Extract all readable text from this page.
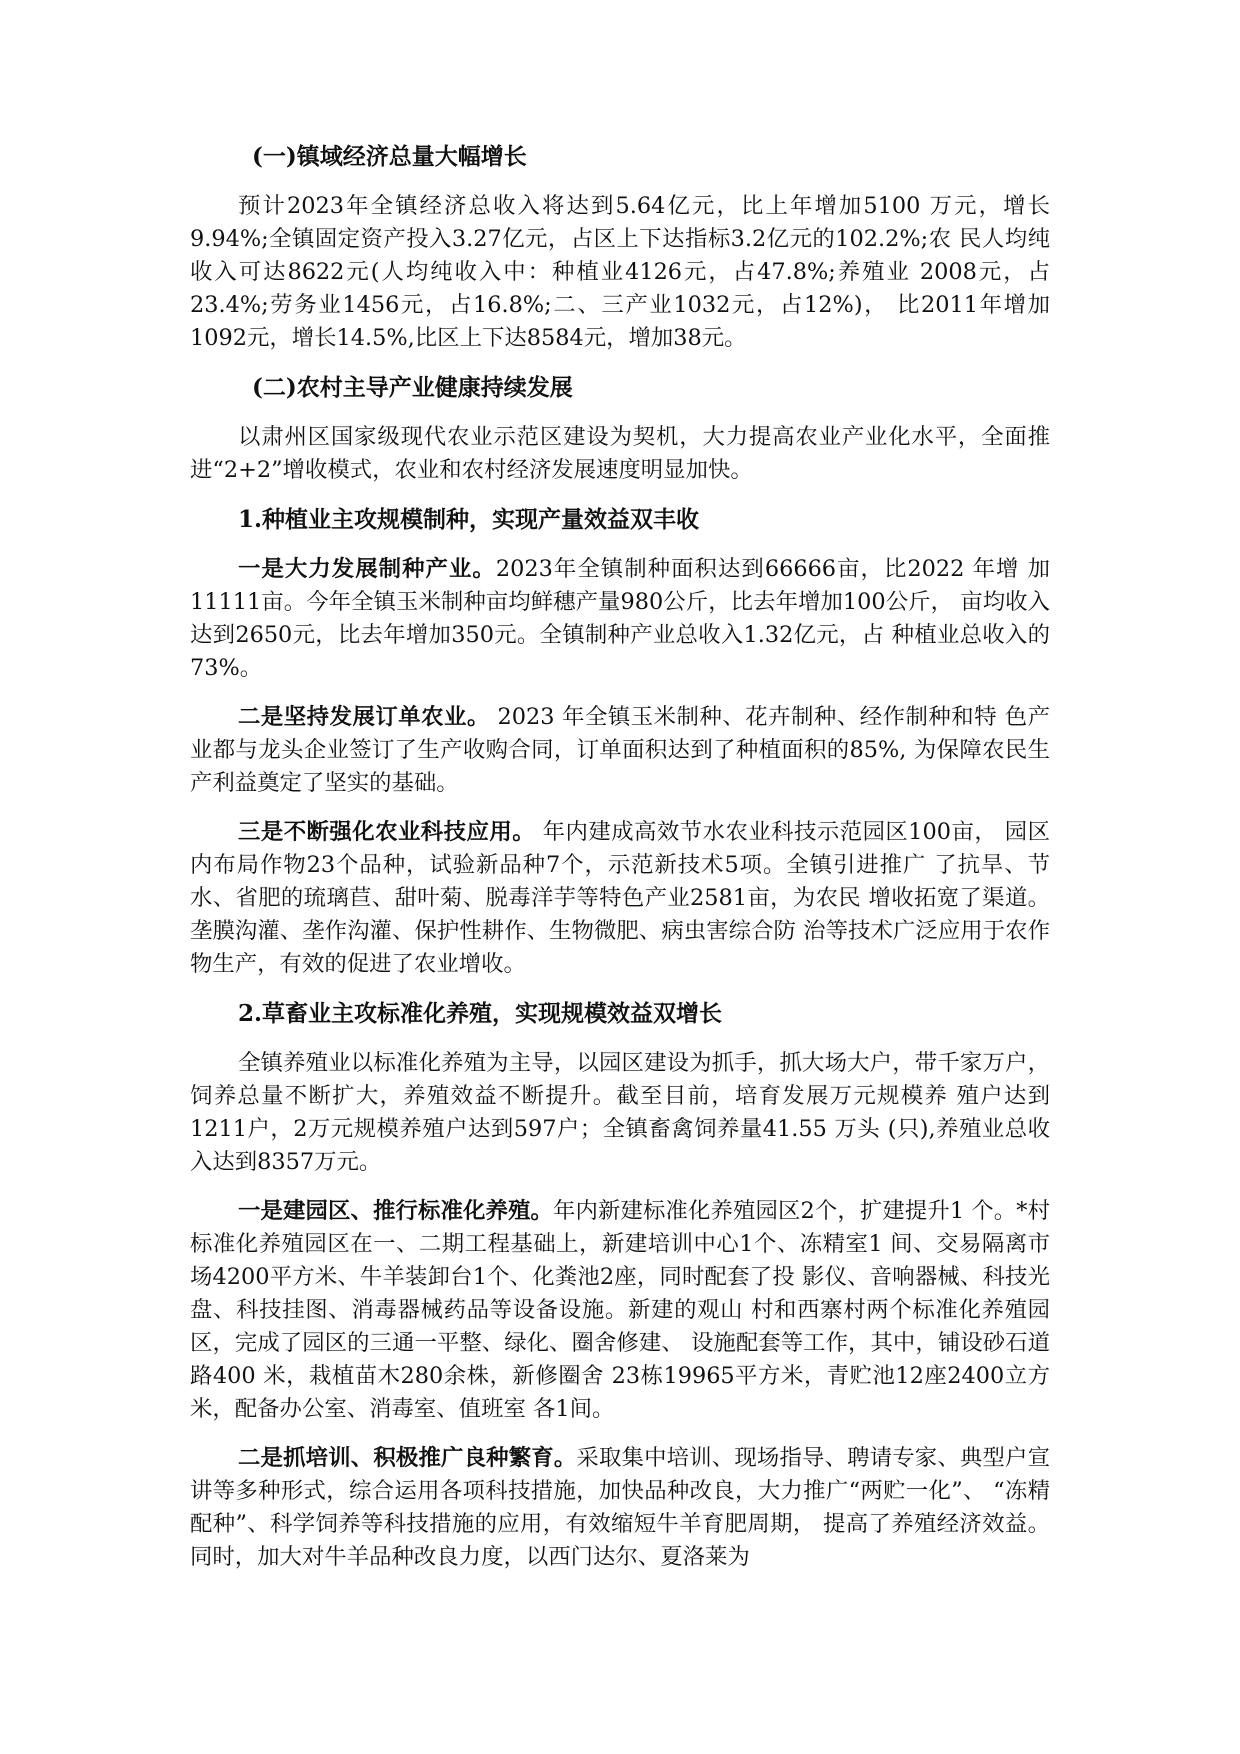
(一)镇域经济总量大幅增长

预计2023年全镇经济总收入将达到5.64亿元，比上年增加5100 万元，增长 9.94%;全镇固定资产投入3.27亿元，占区上下达指标3.2亿元的102.2%;农 民人均纯收入可达8622元(人均纯收入中：种植业4126元，占47.8%;养殖业 2008元，占23.4%;劳务业1456元，占16.8%;二、三产业1032元，占12%)， 比2011年增加1092元，增长14.5%,比区上下达8584元，增加38元。

(二)农村主导产业健康持续发展

以肃州区国家级现代农业示范区建设为契机，大力提高农业产业化水平，全面推进“2+2”增收模式，农业和农村经济发展速度明显加快。

1.种植业主攻规模制种，实现产量效益双丰收

一是大力发展制种产业。2023年全镇制种面积达到66666亩，比2022 年增 加11111亩。今年全镇玉米制种亩均鲜穗产量980公斤，比去年增加100公斤， 亩均收入达到2650元，比去年增加350元。全镇制种产业总收入1.32亿元，占 种植业总收入的73%。

二是坚持发展订单农业。 2023 年全镇玉米制种、花卉制种、经作制种和特 色产业都与龙头企业签订了生产收购合同，订单面积达到了种植面积的85%, 为保障农民生产利益奠定了坚实的基础。

三是不断强化农业科技应用。 年内建成高效节水农业科技示范园区100亩， 园区内布局作物23个品种，试验新品种7个，示范新技术5项。全镇引进推广 了抗旱、节水、省肥的琉璃苣、甜叶菊、脱毒洋芋等特色产业2581亩，为农民 增收拓宽了渠道。垄膜沟灌、垄作沟灌、保护性耕作、生物微肥、病虫害综合防 治等技术广泛应用于农作物生产，有效的促进了农业增收。

2.草畜业主攻标准化养殖，实现规模效益双增长

全镇养殖业以标准化养殖为主导，以园区建设为抓手，抓大场大户，带千家万户，饲养总量不断扩大，养殖效益不断提升。截至目前，培育发展万元规模养 殖户达到1211户，2万元规模养殖户达到597户；全镇畜禽饲养量41.55 万头 (只),养殖业总收入达到8357万元。

一是建园区、推行标准化养殖。年内新建标准化养殖园区2个，扩建提升1 个。*村标准化养殖园区在一、二期工程基础上，新建培训中心1个、冻精室1 间、交易隔离市场4200平方米、牛羊装卸台1个、化粪池2座，同时配套了投 影仪、音响器械、科技光盘、科技挂图、消毒器械药品等设备设施。新建的观山 村和西寨村两个标准化养殖园区，完成了园区的三通一平整、绿化、圈舍修建、 设施配套等工作，其中，铺设砂石道路400 米，栽植苗木280余株，新修圈舍 23栋19965平方米，青贮池12座2400立方米，配备办公室、消毒室、值班室 各1间。

二是抓培训、积极推广良种繁育。采取集中培训、现场指导、聘请专家、典型户宣讲等多种形式，综合运用各项科技措施，加快品种改良，大力推广“两贮一化”、 “冻精配种”、科学饲养等科技措施的应用，有效缩短牛羊育肥周期， 提高了养殖经济效益。同时，加大对牛羊品种改良力度，以西门达尔、夏洛莱为
